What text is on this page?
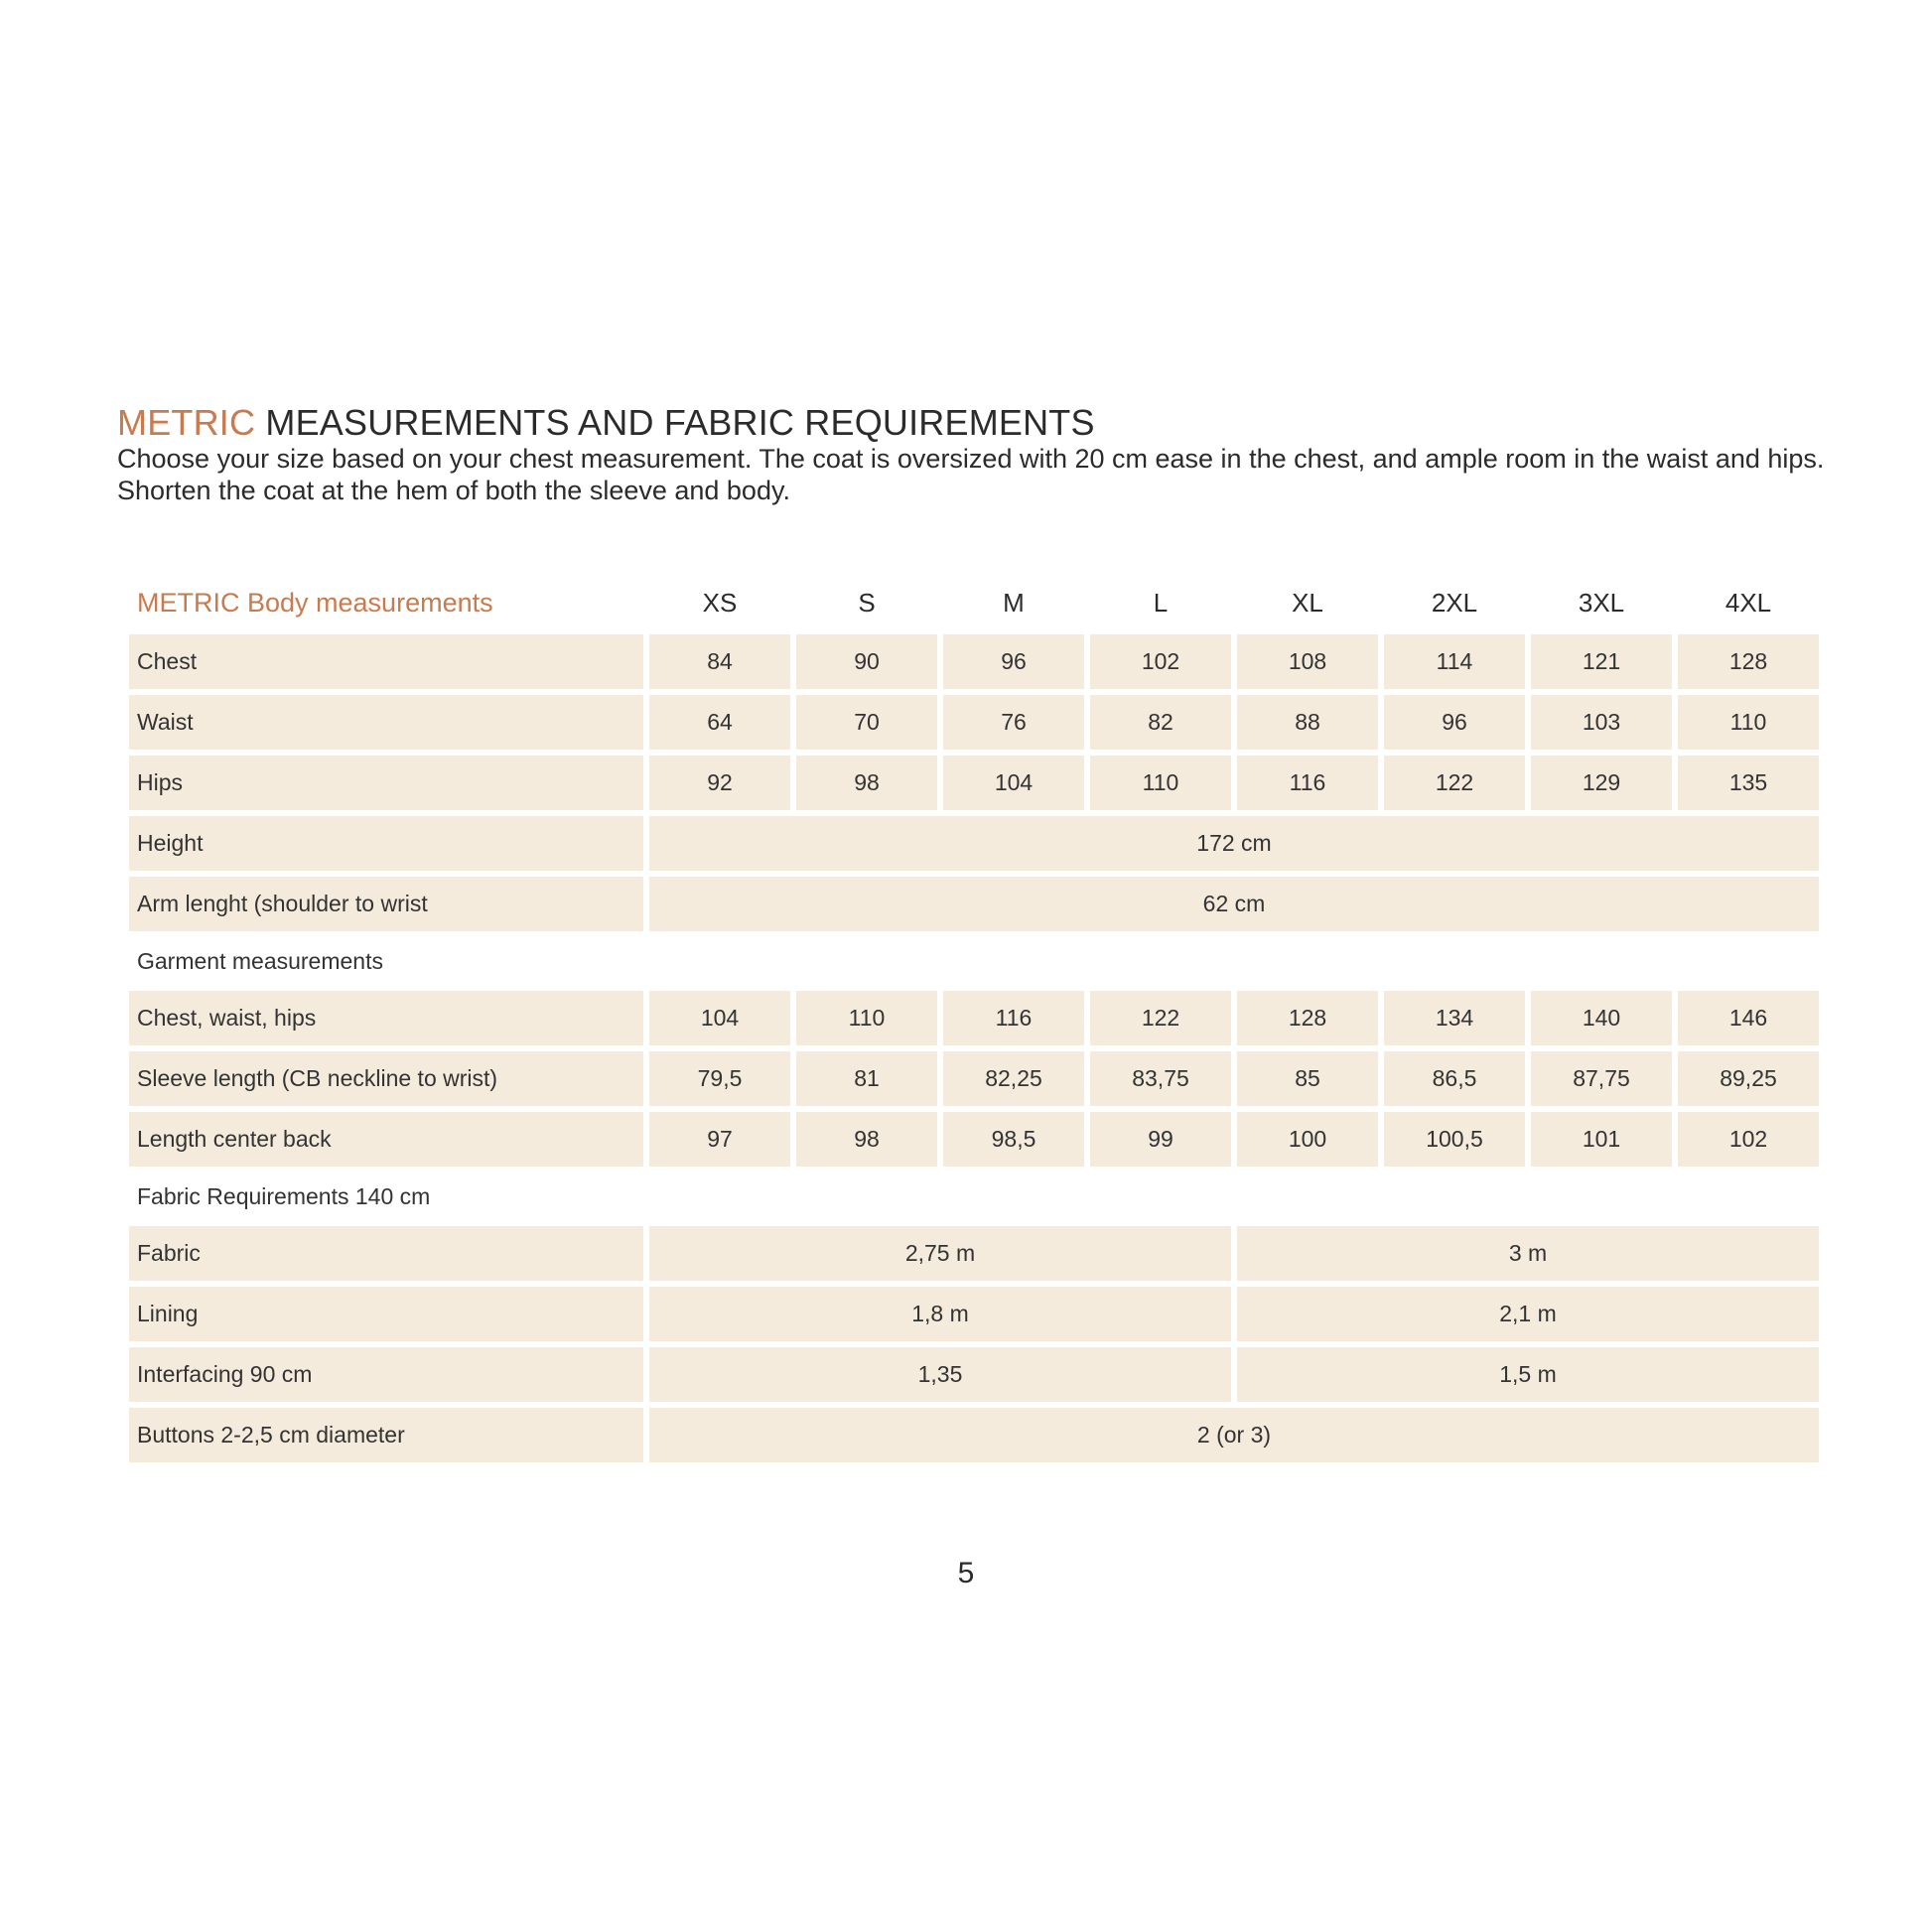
METRIC MEASUREMENTS AND FABRIC REQUIREMENTS

Choose your size based on your chest measurement. The coat is oversized with 20 cm ease in the chest, and ample room in the waist and hips. Shorten the coat at the hem of both the sleeve and body.

METRIC Body measurements	XS	S	M	L	XL	2XL	3XL	4XL
Chest	84	90	96	102	108	114	121	128
Waist	64	70	76	82	88	96	103	110
Hips	92	98	104	110	116	122	129	135
Height	172 cm							
Arm lenght (shoulder to wrist	62 cm							
Garment measurements								
Chest, waist, hips	104	110	116	122	128	134	140	146
Sleeve length (CB neckline to wrist)	79,5	81	82,25	83,75	85	86,5	87,75	89,25
Length center back	97	98	98,5	99	100	100,5	101	102
Fabric Requirements 140 cm								
Fabric	2,75 m				3 m			
Lining	1,8 m				2,1 m			
Interfacing 90 cm	1,35				1,5 m			
Buttons 2-2,5 cm diameter	2 (or 3)							
5
